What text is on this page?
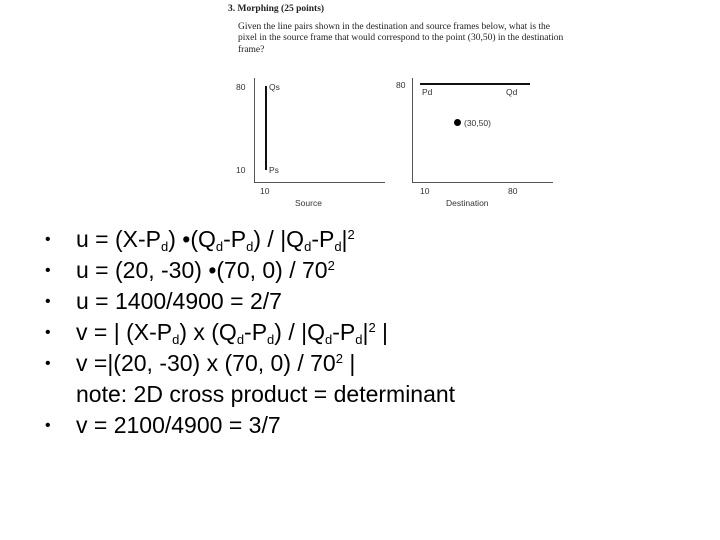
3. Morphing (25 points)
Given the line pairs shown in the destination and source frames below, what is the pixel in the source frame that would correspond to the point (30,50) in the destination frame?
80
10
10
Qs
Ps
Source
80
10	80
Pd	Qd
(30,50)
Destination
• $u = (X-P_d)$ $•(Q_d-P_d) / |Q_d-P_d|^2$
• u = (20, -30) •(70, $0) / 70^2$
• u = 1400/4900 = 2/7
• v = | $(X-P_d)$ x $(Q_d-P_d) / |Q_d-P_d|^2$ |
• v =|(20, -30) x (70, $0) / 70^2$ |
note: 2D cross product = determinant
• v = 2100/4900 = 3/7
